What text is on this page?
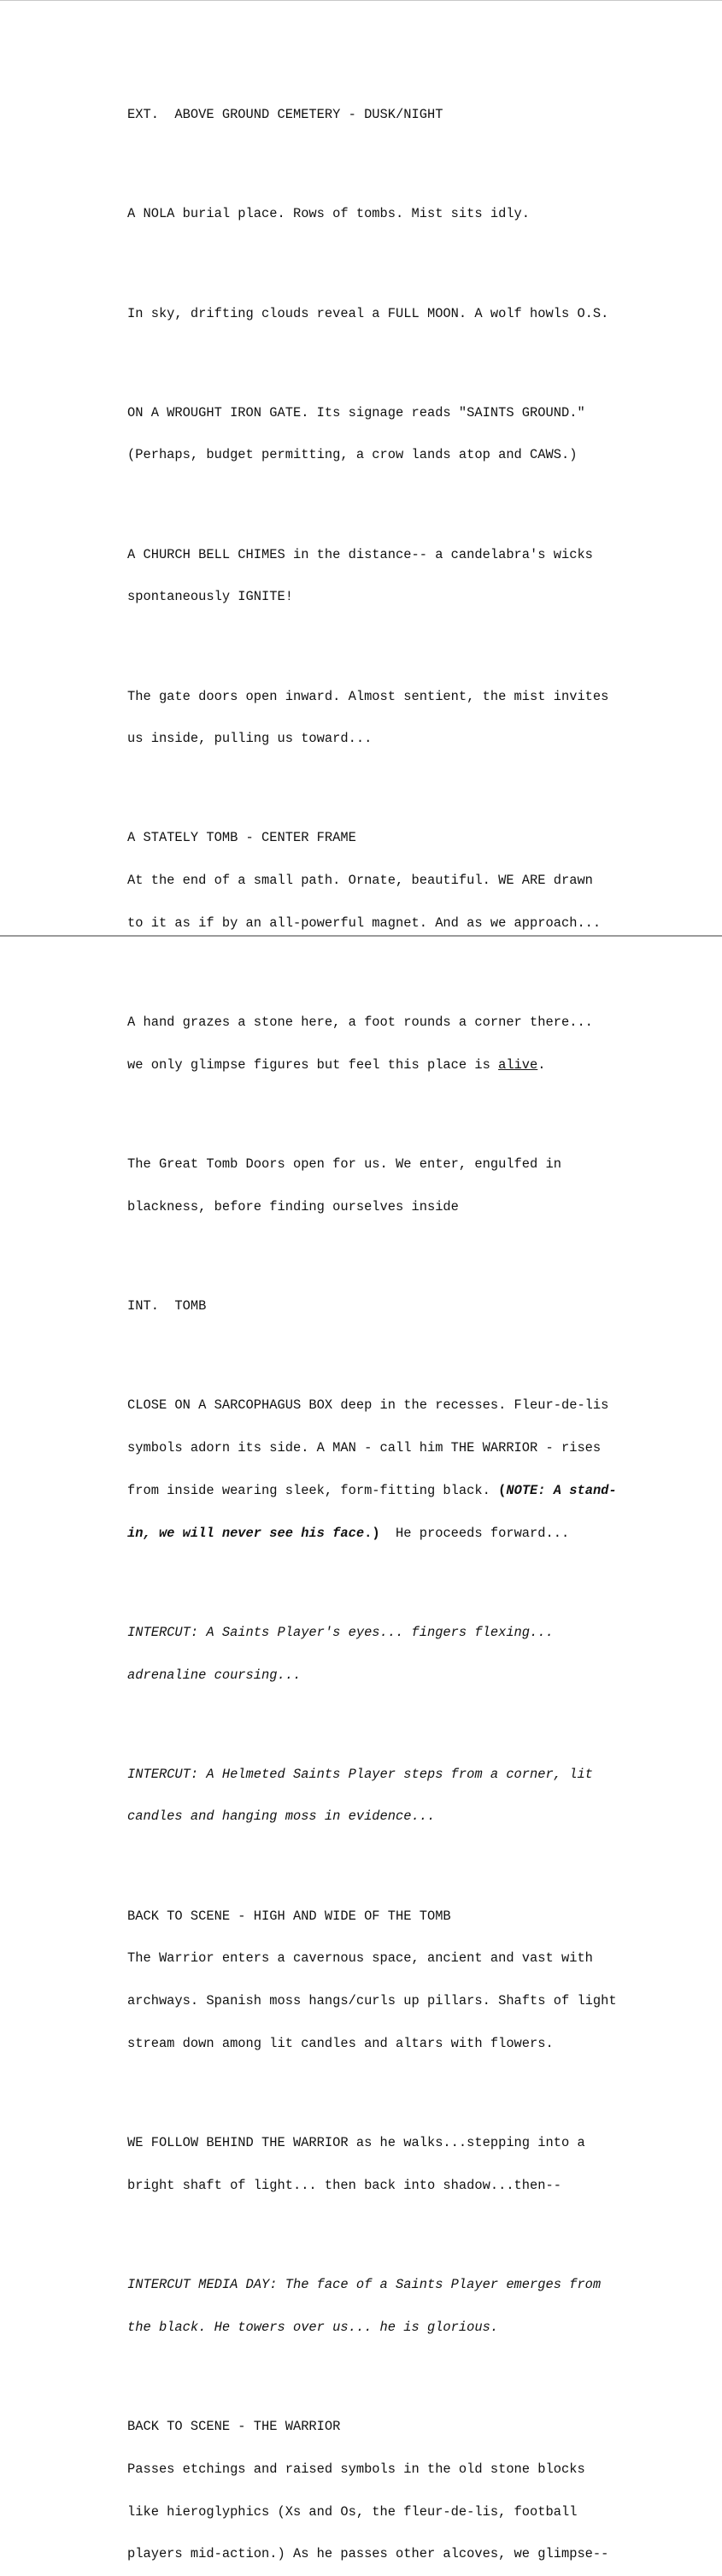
EXT.  ABOVE GROUND CEMETERY - DUSK/NIGHT

A NOLA burial place. Rows of tombs. Mist sits idly.

In sky, drifting clouds reveal a FULL MOON. A wolf howls O.S.

ON A WROUGHT IRON GATE. Its signage reads "SAINTS GROUND."

(Perhaps, budget permitting, a crow lands atop and CAWS.)

A CHURCH BELL CHIMES in the distance-- a candelabra's wicks

spontaneously IGNITE!

The gate doors open inward. Almost sentient, the mist invites

us inside, pulling us toward...

A STATELY TOMB - CENTER FRAME

At the end of a small path. Ornate, beautiful. WE ARE drawn

to it as if by an all-powerful magnet. And as we approach...

A hand grazes a stone here, a foot rounds a corner there...

we only glimpse figures but feel this place is alive.

The Great Tomb Doors open for us. We enter, engulfed in

blackness, before finding ourselves inside

INT.  TOMB

CLOSE ON A SARCOPHAGUS BOX deep in the recesses. Fleur-de-lis

symbols adorn its side. A MAN - call him THE WARRIOR - rises

from inside wearing sleek, form-fitting black. (NOTE: A stand-

in, we will never see his face.)  He proceeds forward...

INTERCUT: A Saints Player's eyes... fingers flexing...

adrenaline coursing...

INTERCUT: A Helmeted Saints Player steps from a corner, lit

candles and hanging moss in evidence...

BACK TO SCENE - HIGH AND WIDE OF THE TOMB

The Warrior enters a cavernous space, ancient and vast with

archways. Spanish moss hangs/curls up pillars. Shafts of light

stream down among lit candles and altars with flowers.

WE FOLLOW BEHIND THE WARRIOR as he walks...stepping into a

bright shaft of light... then back into shadow...then--

INTERCUT MEDIA DAY: The face of a Saints Player emerges from

the black. He towers over us... he is glorious.

BACK TO SCENE - THE WARRIOR

Passes etchings and raised symbols in the old stone blocks

like hieroglyphics (Xs and Os, the fleur-de-lis, football

players mid-action.) As he passes other alcoves, we glimpse--
